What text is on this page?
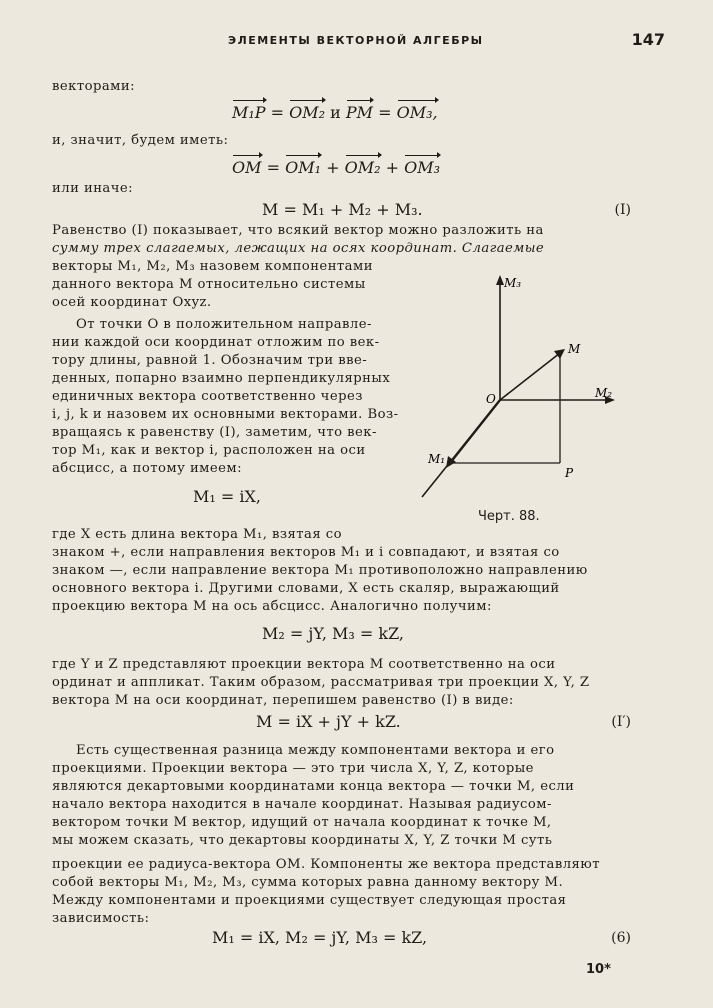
ЭЛЕМЕНТЫ ВЕКТОРНОЙ АЛГЕБРЫ	147
векторами:
M₁P = OM₂ и PM = OM₃,
и, значит, будем иметь:
OM = OM₁ + OM₂ + OM₃
или иначе:
M = M₁ + M₂ + M₃.	(I)
Равенство (I) показывает, что всякий вектор можно разложить на
сумму трех слагаемых, лежащих на осях координат. Слагаемые
векторы M₁, M₂, M₃ назовем компонентами
данного вектора M относительно системы
осей координат Oxyz.
От точки O в положительном направле-
нии каждой оси координат отложим по век-
тору длины, равной 1. Обозначим три вве-
денных, попарно взаимно перпендикулярных
единичных вектора соответственно через
i, j, k и назовем их основными векторами. Воз-
вращаясь к равенству (I), заметим, что век-
тор M₁, как и вектор i, расположен на оси
абсцисс, а потому имеем:
M₁ = iX,
M₃
M
O	M₂
M₁
P
Черт. 88.
где X есть длина вектора M₁, взятая со
знаком +, если направления векторов M₁ и i совпадают, и взятая со
знаком —, если направление вектора M₁ противоположно направлению
основного вектора i. Другими словами, X есть скаляр, выражающий
проекцию вектора M на ось абсцисс. Аналогично получим:
M₂ = jY, M₃ = kZ,
где Y и Z представляют проекции вектора M соответственно на оси
ординат и аппликат. Таким образом, рассматривая три проекции X, Y, Z
вектора M на оси координат, перепишем равенство (I) в виде:
M = iX + jY + kZ.	(I′)
Есть существенная разница между компонентами вектора и его
проекциями. Проекции вектора — это три числа X, Y, Z, которые
являются декартовыми координатами конца вектора — точки M, если
начало вектора находится в начале координат. Называя радиусом-
вектором точки M вектор, идущий от начала координат к точке M,
мы можем сказать, что декартовы координаты X, Y, Z точки M суть
проекции ее радиуса-вектора OM. Компоненты же вектора представляют
собой векторы M₁, M₂, M₃, сумма которых равна данному вектору M.
Между компонентами и проекциями существует следующая простая
зависимость:
M₁ = iX, M₂ = jY, M₃ = kZ,	(6)
10*
